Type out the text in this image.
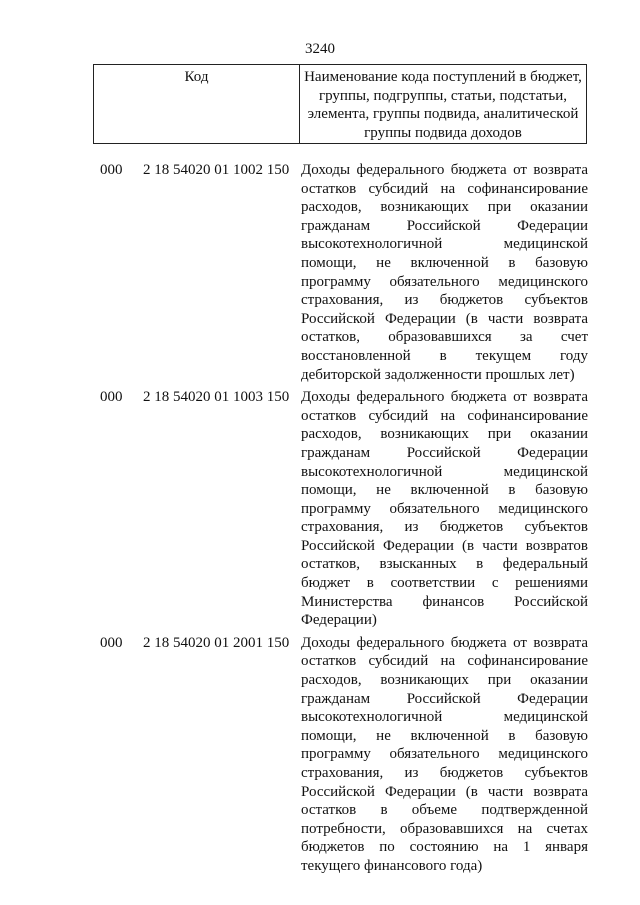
3240
Код	Наименование кода поступлений в бюджет, группы, подгруппы, статьи, подстатьи, элемента, группы подвида, аналитической группы подвида доходов
000 2 18 54020 01 1002 150 Доходы федерального бюджета от возврата остатков субсидий на софинансирование расходов, возникающих при оказании гражданам Российской Федерации высокотехнологичной медицинской помощи, не включенной в базовую программу обязательного медицинского страхования, из бюджетов субъектов Российской Федерации (в части возврата остатков, образовавшихся за счет восстановленной в текущем году дебиторской задолженности прошлых лет)
000 2 18 54020 01 1003 150 Доходы федерального бюджета от возврата остатков субсидий на софинансирование расходов, возникающих при оказании гражданам Российской Федерации высокотехнологичной медицинской помощи, не включенной в базовую программу обязательного медицинского страхования, из бюджетов субъектов Российской Федерации (в части возвратов остатков, взысканных в федеральный бюджет в соответствии с решениями Министерства финансов Российской Федерации)
000 2 18 54020 01 2001 150 Доходы федерального бюджета от возврата остатков субсидий на софинансирование расходов, возникающих при оказании гражданам Российской Федерации высокотехнологичной медицинской помощи, не включенной в базовую программу обязательного медицинского страхования, из бюджетов субъектов Российской Федерации (в части возврата остатков в объеме подтвержденной потребности, образовавшихся на счетах бюджетов по состоянию на 1 января текущего финансового года)
